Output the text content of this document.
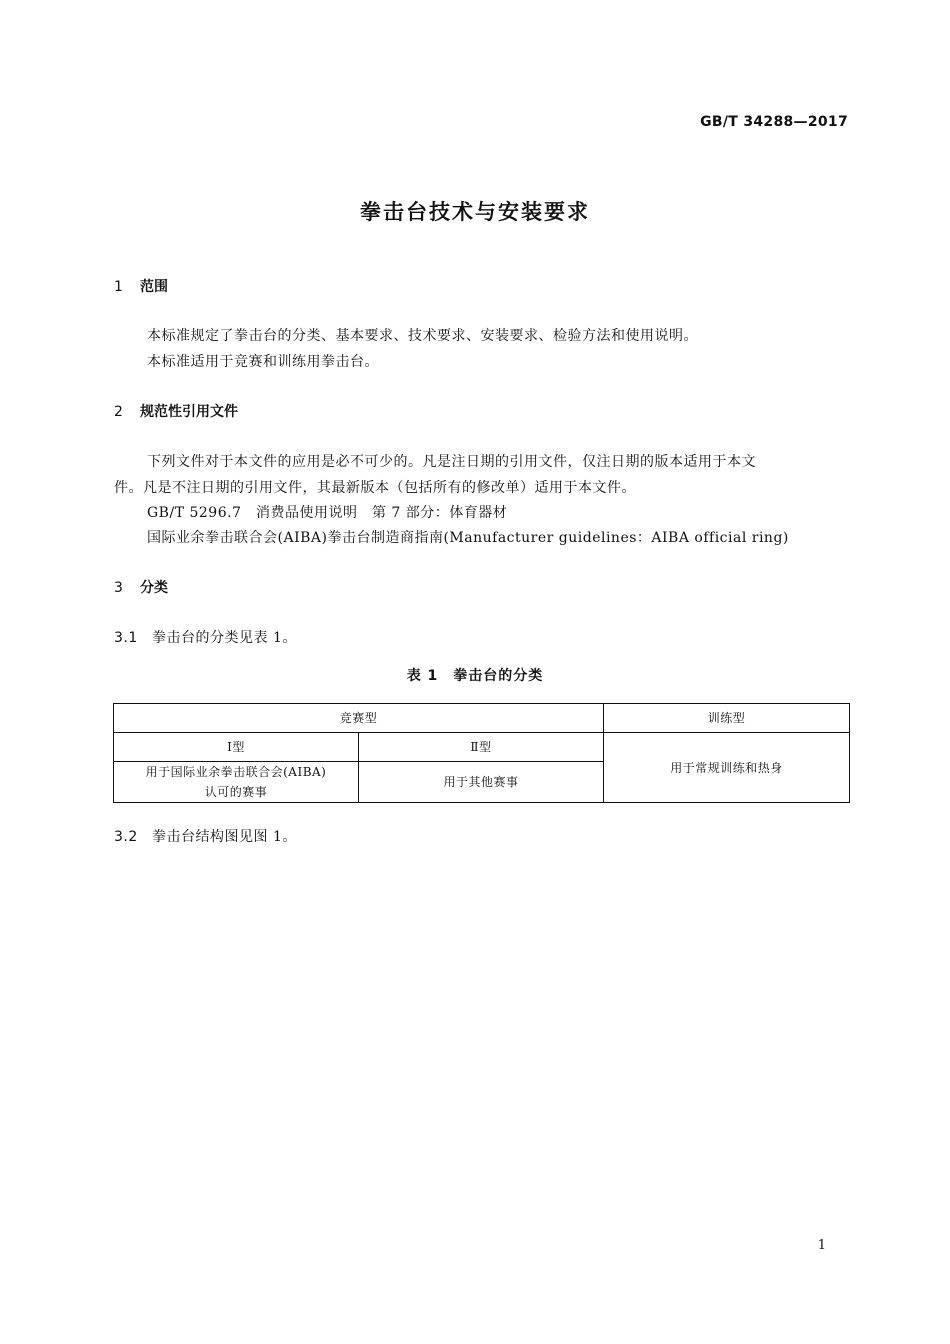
GB/T 34288—2017
拳击台技术与安装要求
1 范围
本标准规定了拳击台的分类、基本要求、技术要求、安装要求、检验方法和使用说明。
本标准适用于竞赛和训练用拳击台。
2 规范性引用文件
下列文件对于本文件的应用是必不可少的。凡是注日期的引用文件，仅注日期的版本适用于本文
件。凡是不注日期的引用文件，其最新版本（包括所有的修改单）适用于本文件。
GB/T 5296.7　消费品使用说明　第 7 部分：体育器材
国际业余拳击联合会(AIBA)拳击台制造商指南(Manufacturer guidelines：AIBA official ring)
3 分类
3.1 拳击台的分类见表 1。
表 1　拳击台的分类
竞赛型		训练型
Ⅰ型	Ⅱ型	用于常规训练和热身

用于国际业余拳击联合会(AIBA)
认可的赛事	用于其他赛事	
3.2 拳击台结构图见图 1。
1
